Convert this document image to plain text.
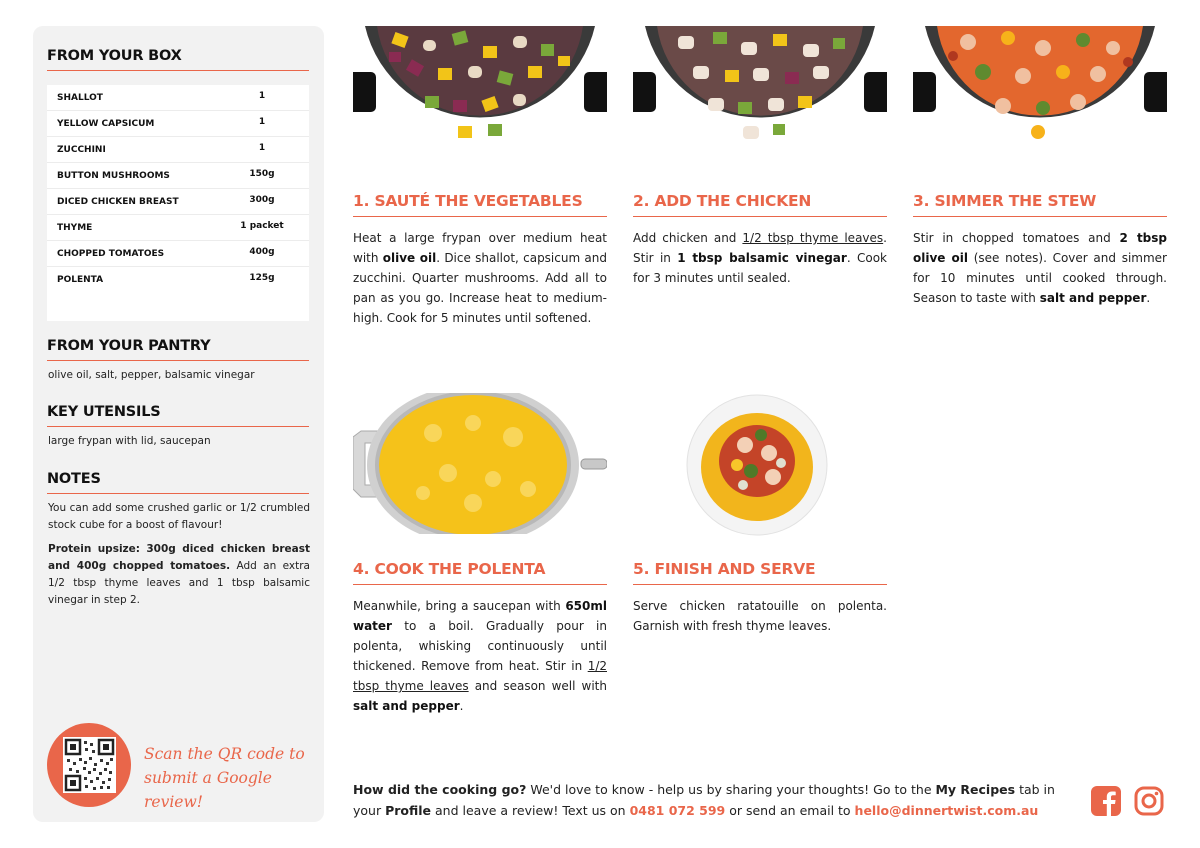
FROM YOUR BOX
SHALLOT	1
YELLOW CAPSICUM	1
ZUCCHINI	1
BUTTON MUSHROOMS	150g
DICED CHICKEN BREAST	300g
THYME	1 packet
CHOPPED TOMATOES	400g
POLENTA	125g
FROM YOUR PANTRY
olive oil, salt, pepper, balsamic vinegar
KEY UTENSILS
large frypan with lid, saucepan
NOTES
You can add some crushed garlic or 1/2 crumbled stock cube for a boost of flavour!
Protein upsize: 300g diced chicken breast and 400g chopped tomatoes. Add an extra 1/2 tbsp thyme leaves and 1 tbsp balsamic vinegar in step 2.
Scan the QR code to
submit a Google review!
1. SAUTÉ THE VEGETABLES
Heat a large frypan over medium heat with olive oil. Dice shallot, capsicum and zucchini. Quarter mushrooms. Add all to pan as you go. Increase heat to medium-high. Cook for 5 minutes until softened.
2. ADD THE CHICKEN
Add chicken and 1/2 tbsp thyme leaves. Stir in 1 tbsp balsamic vinegar. Cook for 3 minutes until sealed.
3. SIMMER THE STEW
Stir in chopped tomatoes and 2 tbsp olive oil (see notes). Cover and simmer for 10 minutes until cooked through. Season to taste with salt and pepper.
4. COOK THE POLENTA
Meanwhile, bring a saucepan with 650ml water to a boil. Gradually pour in polenta, whisking continuously until thickened. Remove from heat. Stir in 1/2 tbsp thyme leaves and season well with salt and pepper.
5. FINISH AND SERVE
Serve chicken ratatouille on polenta. Garnish with fresh thyme leaves.
How did the cooking go? We'd love to know - help us by sharing your thoughts! Go to the My Recipes tab in your Profile and leave a review! Text us on 0481 072 599 or send an email to hello@dinnertwist.com.au
